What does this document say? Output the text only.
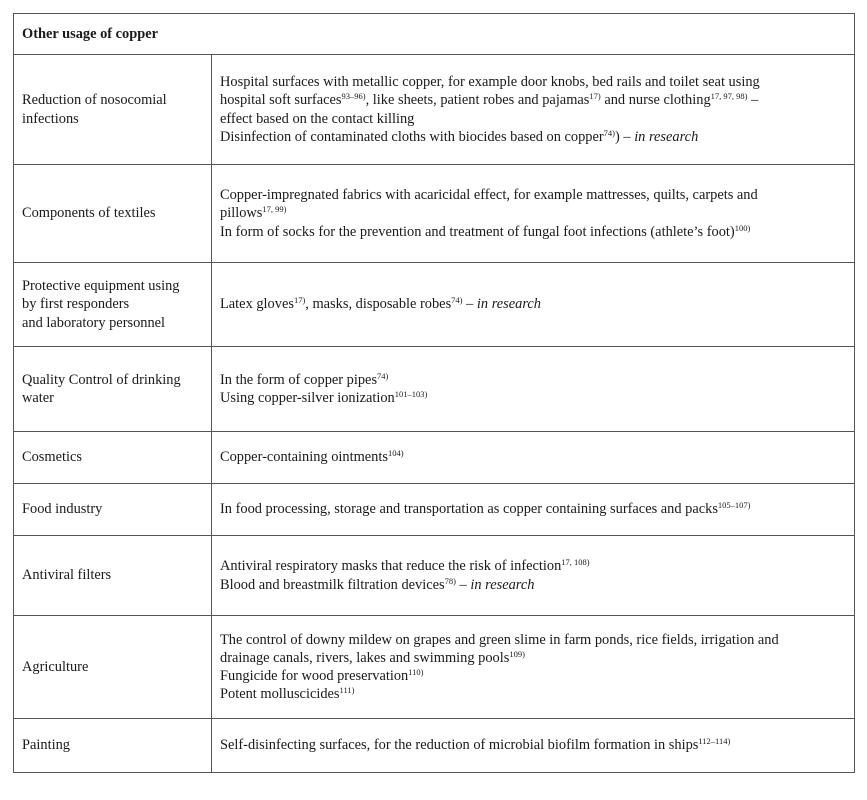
Other usage of copper	
Reduction of nosocomial
infections	Hospital surfaces with metallic copper, for example door knobs, bed rails and toilet seat using
hospital soft surfaces$^{93-96)}$, like sheets, patient robes and pajamas$^{17)}$ and nurse clothing$^{17, 97, 98)}$ –
effect based on the contact killing
Disinfection of contaminated cloths with biocides based on copper$^{74)}$) – in research

Components of textiles	Copper-impregnated fabrics with acaricidal effect, for example mattresses, quilts, carpets and
pillows$^{17, 99)}$
In form of socks for the prevention and treatment of fungal foot infections (athlete’s foot)$^{100)}$

Protective equipment using
by first responders
and laboratory personnel	Latex gloves$^{17)}$, masks, disposable robes$^{74)}$ – in research

Quality Control of drinking
water	In the form of copper pipes$^{74)}$
Using copper-silver ionization$^{101-103)}$

Cosmetics	Copper-containing ointments$^{104)}$

Food industry	In food processing, storage and transportation as copper containing surfaces and packs$^{105-107)}$

Antiviral filters	Antiviral respiratory masks that reduce the risk of infection$^{17, 108)}$
Blood and breastmilk filtration devices$^{78)}$ – in research

Agriculture	The control of downy mildew on grapes and green slime in farm ponds, rice fields, irrigation and
drainage canals, rivers, lakes and swimming pools$^{109)}$
Fungicide for wood preservation$^{110)}$
Potent molluscicides$^{111)}$

Painting	Self-disinfecting surfaces, for the reduction of microbial biofilm formation in ships$^{112-114)}$
